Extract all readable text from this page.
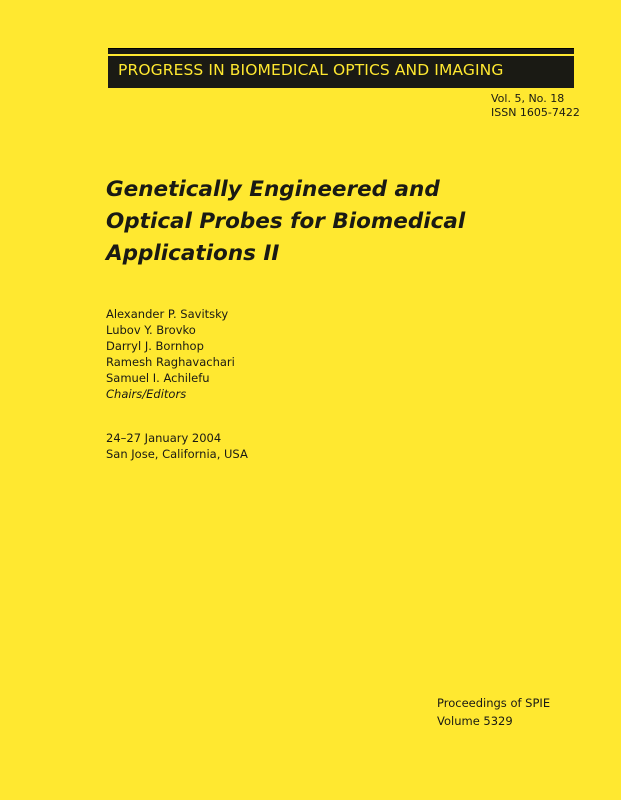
PROGRESS IN BIOMEDICAL OPTICS AND IMAGING
Vol. 5, No. 18
ISSN 1605-7422
Genetically Engineered and
Optical Probes for Biomedical
Applications II
Alexander P. Savitsky
Lubov Y. Brovko
Darryl J. Bornhop
Ramesh Raghavachari
Samuel I. Achilefu
Chairs/Editors
24–27 January 2004
San Jose, California, USA
Proceedings of SPIE
Volume 5329
